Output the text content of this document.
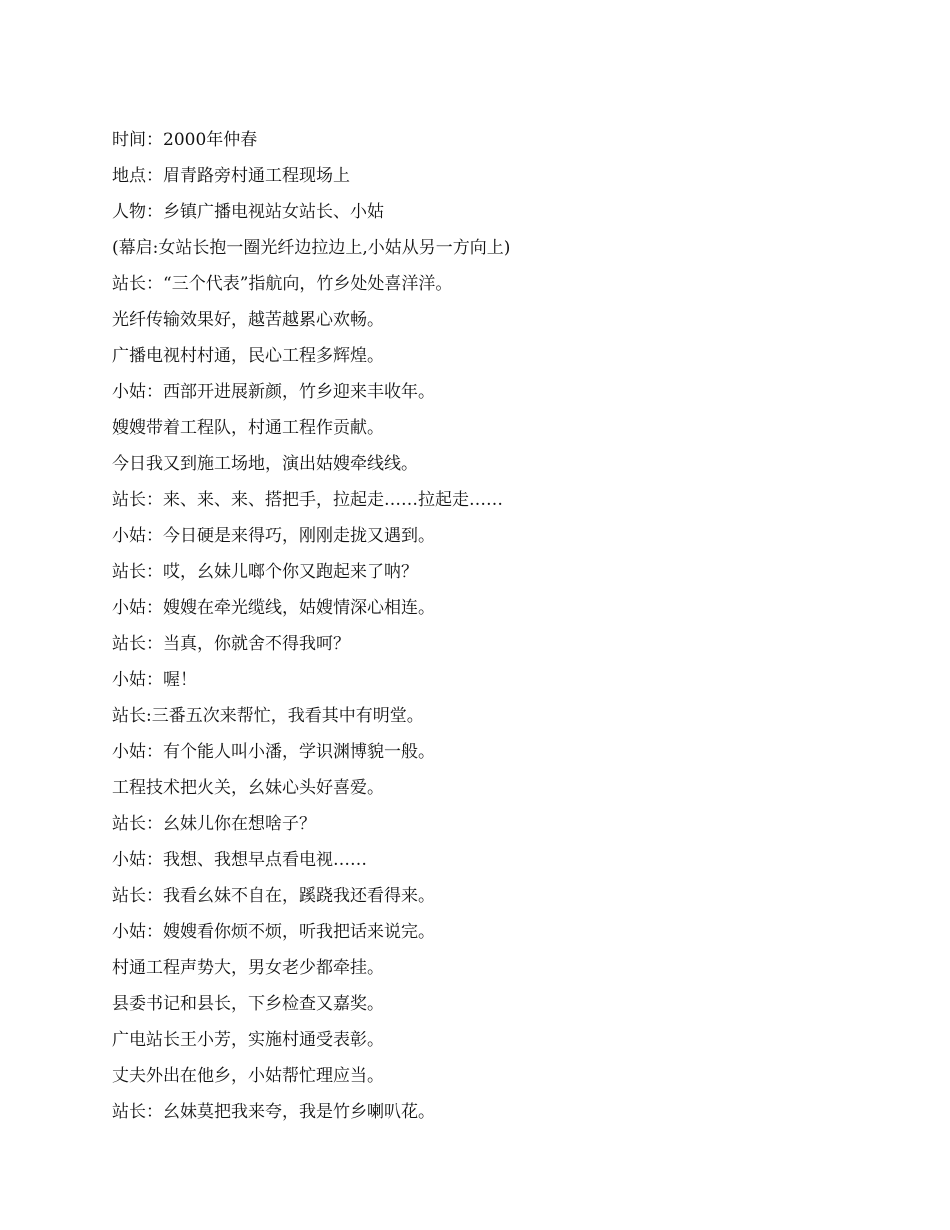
时间：2000年仲春
地点：眉青路旁村通工程现场上
人物：乡镇广播电视站女站长、小姑
(幕启:女站长抱一圈光纤边拉边上,小姑从另一方向上)
站长：“三个代表”指航向，竹乡处处喜洋洋。
光纤传输效果好，越苦越累心欢畅。
广播电视村村通，民心工程多辉煌。
小姑：西部开进展新颜，竹乡迎来丰收年。
嫂嫂带着工程队，村通工程作贡献。
今日我又到施工场地，演出姑嫂牵线线。
站长：来、来、来、搭把手，拉起走……拉起走……
小姑：今日硬是来得巧，刚刚走拢又遇到。
站长：哎，幺妹儿啷个你又跑起来了呐？
小姑：嫂嫂在牵光缆线，姑嫂情深心相连。
站长：当真，你就舍不得我呵？
小姑：喔！
站长:三番五次来帮忙，我看其中有明堂。
小姑：有个能人叫小潘，学识渊博貌一般。
工程技术把火关，幺妹心头好喜爱。
站长：幺妹儿你在想啥子？
小姑：我想、我想早点看电视……
站长：我看幺妹不自在，蹊跷我还看得来。
小姑：嫂嫂看你烦不烦，听我把话来说完。
村通工程声势大，男女老少都牵挂。
县委书记和县长，下乡检查又嘉奖。
广电站长王小芳，实施村通受表彰。
丈夫外出在他乡，小姑帮忙理应当。
站长：幺妹莫把我来夸，我是竹乡喇叭花。
